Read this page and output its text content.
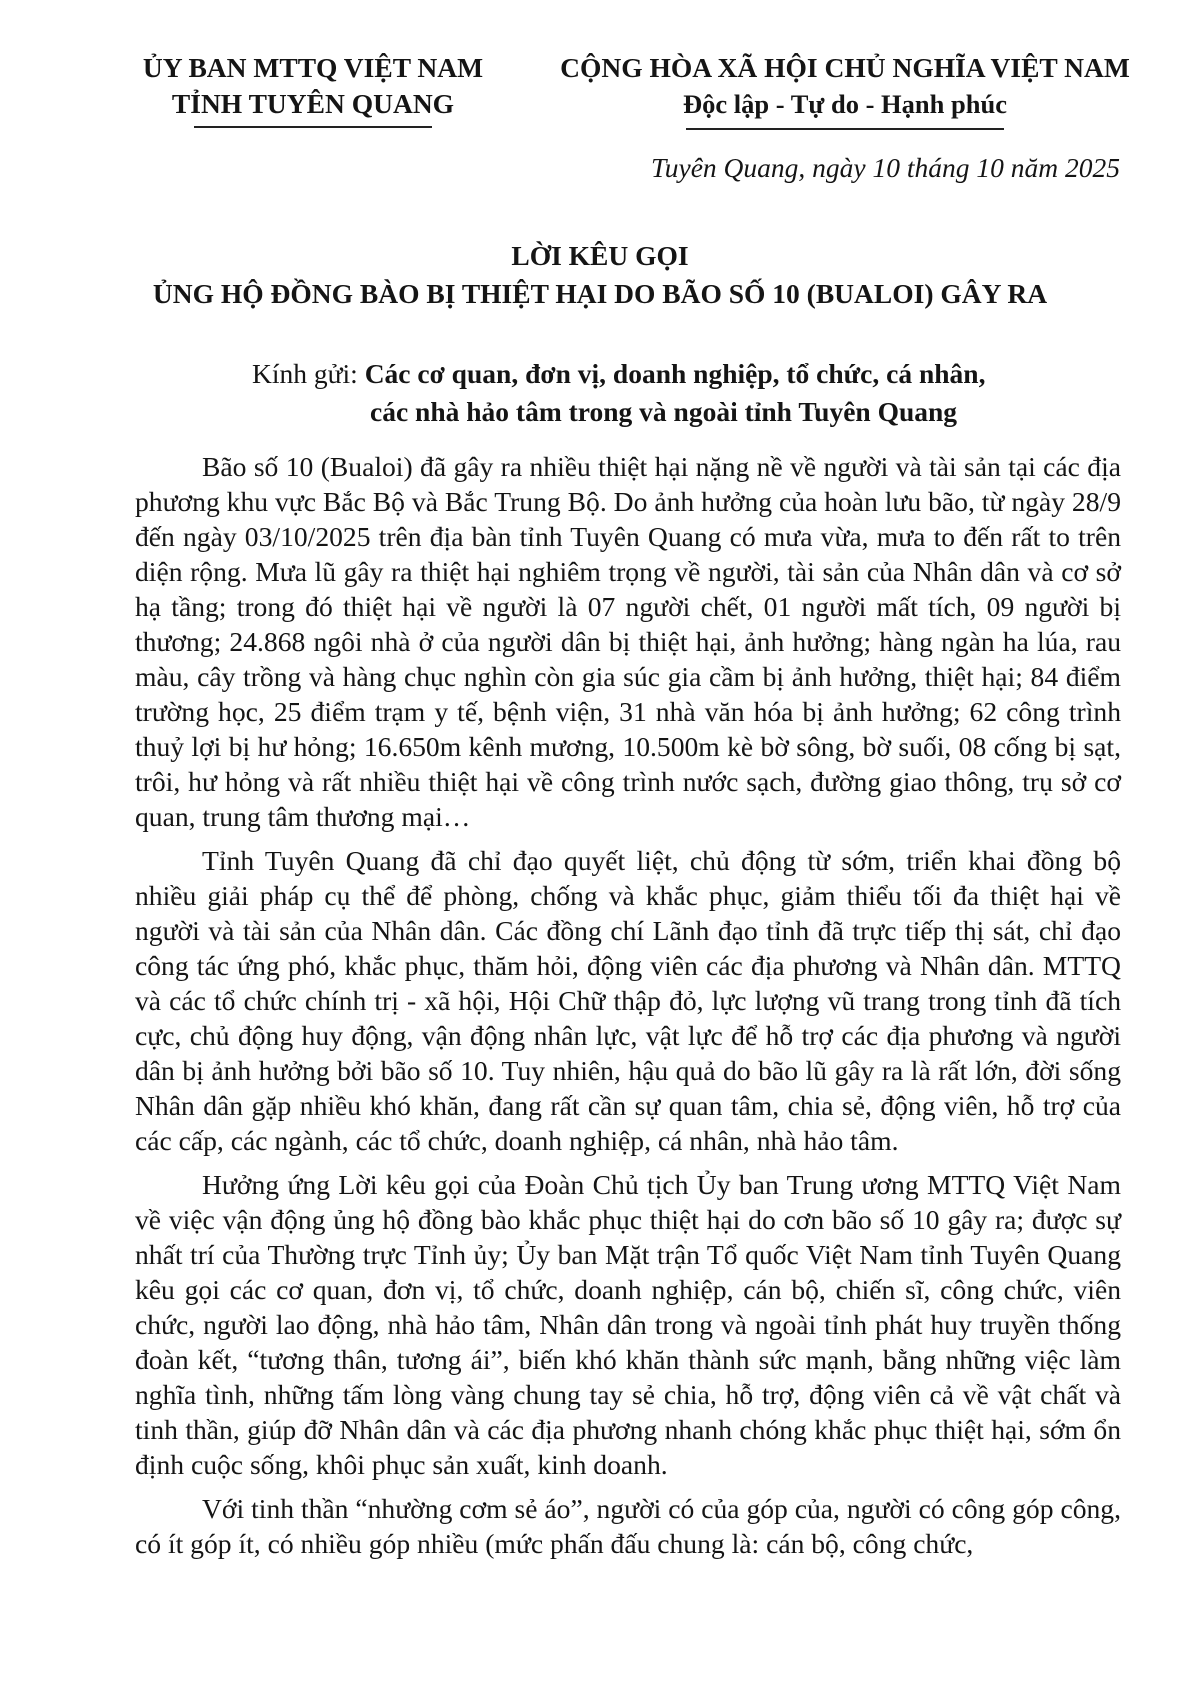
ỦY BAN MTTQ VIỆT NAM
TỈNH TUYÊN QUANG
CỘNG HÒA XÃ HỘI CHỦ NGHĨA VIỆT NAM
Độc lập - Tự do - Hạnh phúc
Tuyên Quang, ngày 10 tháng 10 năm 2025
LỜI KÊU GỌI
ỦNG HỘ ĐỒNG BÀO BỊ THIỆT HẠI DO BÃO SỐ 10 (BUALOI) GÂY RA
Kính gửi: Các cơ quan, đơn vị, doanh nghiệp, tổ chức, cá nhân,
các nhà hảo tâm trong và ngoài tỉnh Tuyên Quang

Bão số 10 (Bualoi) đã gây ra nhiều thiệt hại nặng nề về người và tài sản tại các địa phương khu vực Bắc Bộ và Bắc Trung Bộ. Do ảnh hưởng của hoàn lưu bão, từ ngày 28/9 đến ngày 03/10/2025 trên địa bàn tỉnh Tuyên Quang có mưa vừa, mưa to đến rất to trên diện rộng. Mưa lũ gây ra thiệt hại nghiêm trọng về người, tài sản của Nhân dân và cơ sở hạ tầng; trong đó thiệt hại về người là 07 người chết, 01 người mất tích, 09 người bị thương; 24.868 ngôi nhà ở của người dân bị thiệt hại, ảnh hưởng; hàng ngàn ha lúa, rau màu, cây trồng và hàng chục nghìn còn gia súc gia cầm bị ảnh hưởng, thiệt hại; 84 điểm trường học, 25 điểm trạm y tế, bệnh viện, 31 nhà văn hóa bị ảnh hưởng; 62 công trình thuỷ lợi bị hư hỏng; 16.650m kênh mương, 10.500m kè bờ sông, bờ suối, 08 cống bị sạt, trôi, hư hỏng và rất nhiều thiệt hại về công trình nước sạch, đường giao thông, trụ sở cơ quan, trung tâm thương mại…

Tỉnh Tuyên Quang đã chỉ đạo quyết liệt, chủ động từ sớm, triển khai đồng bộ nhiều giải pháp cụ thể để phòng, chống và khắc phục, giảm thiểu tối đa thiệt hại về người và tài sản của Nhân dân. Các đồng chí Lãnh đạo tỉnh đã trực tiếp thị sát, chỉ đạo công tác ứng phó, khắc phục, thăm hỏi, động viên các địa phương và Nhân dân. MTTQ và các tổ chức chính trị - xã hội, Hội Chữ thập đỏ, lực lượng vũ trang trong tỉnh đã tích cực, chủ động huy động, vận động nhân lực, vật lực để hỗ trợ các địa phương và người dân bị ảnh hưởng bởi bão số 10. Tuy nhiên, hậu quả do bão lũ gây ra là rất lớn, đời sống Nhân dân gặp nhiều khó khăn, đang rất cần sự quan tâm, chia sẻ, động viên, hỗ trợ của các cấp, các ngành, các tổ chức, doanh nghiệp, cá nhân, nhà hảo tâm.

Hưởng ứng Lời kêu gọi của Đoàn Chủ tịch Ủy ban Trung ương MTTQ Việt Nam về việc vận động ủng hộ đồng bào khắc phục thiệt hại do cơn bão số 10 gây ra; được sự nhất trí của Thường trực Tỉnh ủy; Ủy ban Mặt trận Tổ quốc Việt Nam tỉnh Tuyên Quang kêu gọi các cơ quan, đơn vị, tổ chức, doanh nghiệp, cán bộ, chiến sĩ, công chức, viên chức, người lao động, nhà hảo tâm, Nhân dân trong và ngoài tỉnh phát huy truyền thống đoàn kết, “tương thân, tương ái”, biến khó khăn thành sức mạnh, bằng những việc làm nghĩa tình, những tấm lòng vàng chung tay sẻ chia, hỗ trợ, động viên cả về vật chất và tinh thần, giúp đỡ Nhân dân và các địa phương nhanh chóng khắc phục thiệt hại, sớm ổn định cuộc sống, khôi phục sản xuất, kinh doanh.

Với tinh thần “nhường cơm sẻ áo”, người có của góp của, người có công góp công, có ít góp ít, có nhiều góp nhiều (mức phấn đấu chung là: cán bộ, công chức,
